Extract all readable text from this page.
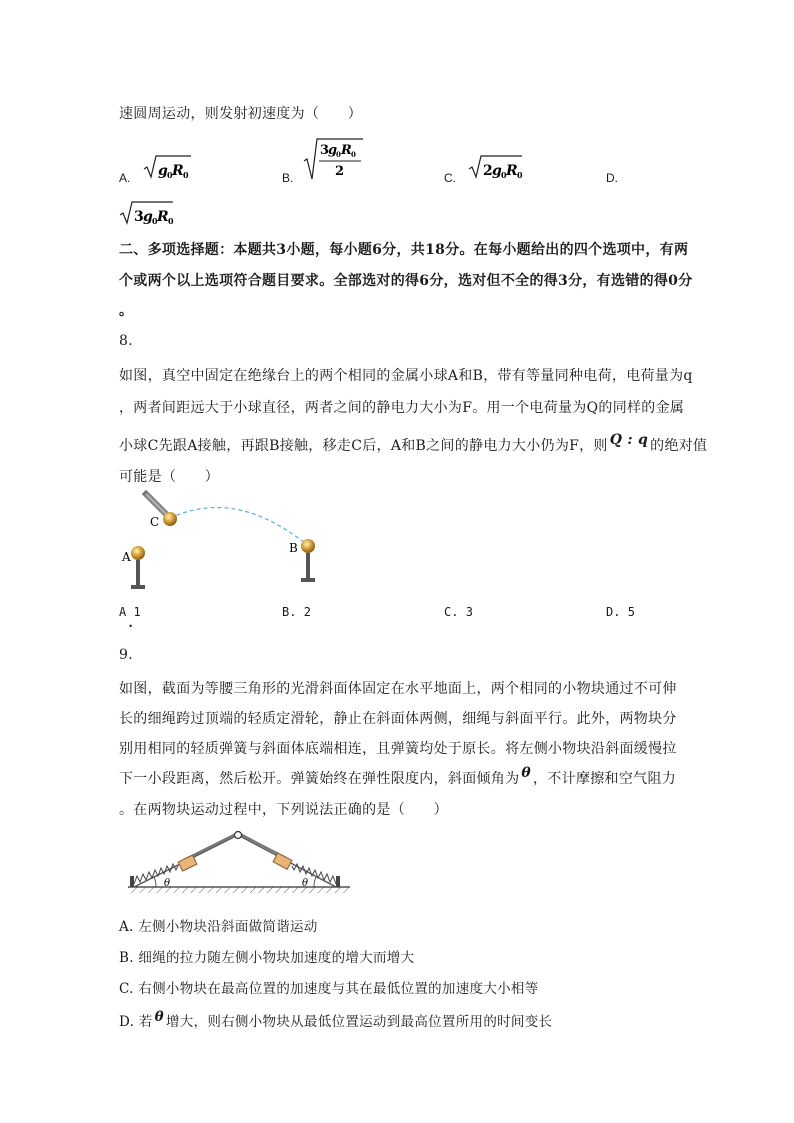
速圆周运动，则发射初速度为（　　）
A. g 0 R 0	B.
3
g
0 R 0
2	C. 2 g 0 R 0	D.
3 g 0 R 0
二、多项选择题：本题共3小题，每小题6分，共18分。在每小题给出的四个选项中，有两
个或两个以上选项符合题目要求。全部选对的得6分，选对但不全的得3分，有选错的得0分
。
8.
如图，真空中固定在绝缘台上的两个相同的金属小球A和B，带有等量同种电荷，电荷量为q
，两者间距远大于小球直径，两者之间的静电力大小为F。用一个电荷量为Q的同样的金属
小球C先跟A接触，再跟B接触，移走C后，A和B之间的静电力大小仍为F，则 Q : q 的绝对值
可能是（　　）
C
A
B
A 1	B. 2	C. 3	D. 5
.
9.
如图，截面为等腰三角形的光滑斜面体固定在水平地面上，两个相同的小物块通过不可伸
长的细绳跨过顶端的轻质定滑轮，静止在斜面体两侧，细绳与斜面平行。此外，两物块分
别用相同的轻质弹簧与斜面体底端相连，且弹簧均处于原长。将左侧小物块沿斜面缓慢拉
下一小段距离，然后松开。弹簧始终在弹性限度内，斜面倾角为 θ ，不计摩擦和空气阻力
。在两物块运动过程中，下列说法正确的是（　　）
θ	θ
A. 左侧小物块沿斜面做简谐运动
B. 细绳的拉力随左侧小物块加速度的增大而增大
C. 右侧小物块在最高位置的加速度与其在最低位置的加速度大小相等
D. 若 θ 增大，则右侧小物块从最低位置运动到最高位置所用的时间变长
